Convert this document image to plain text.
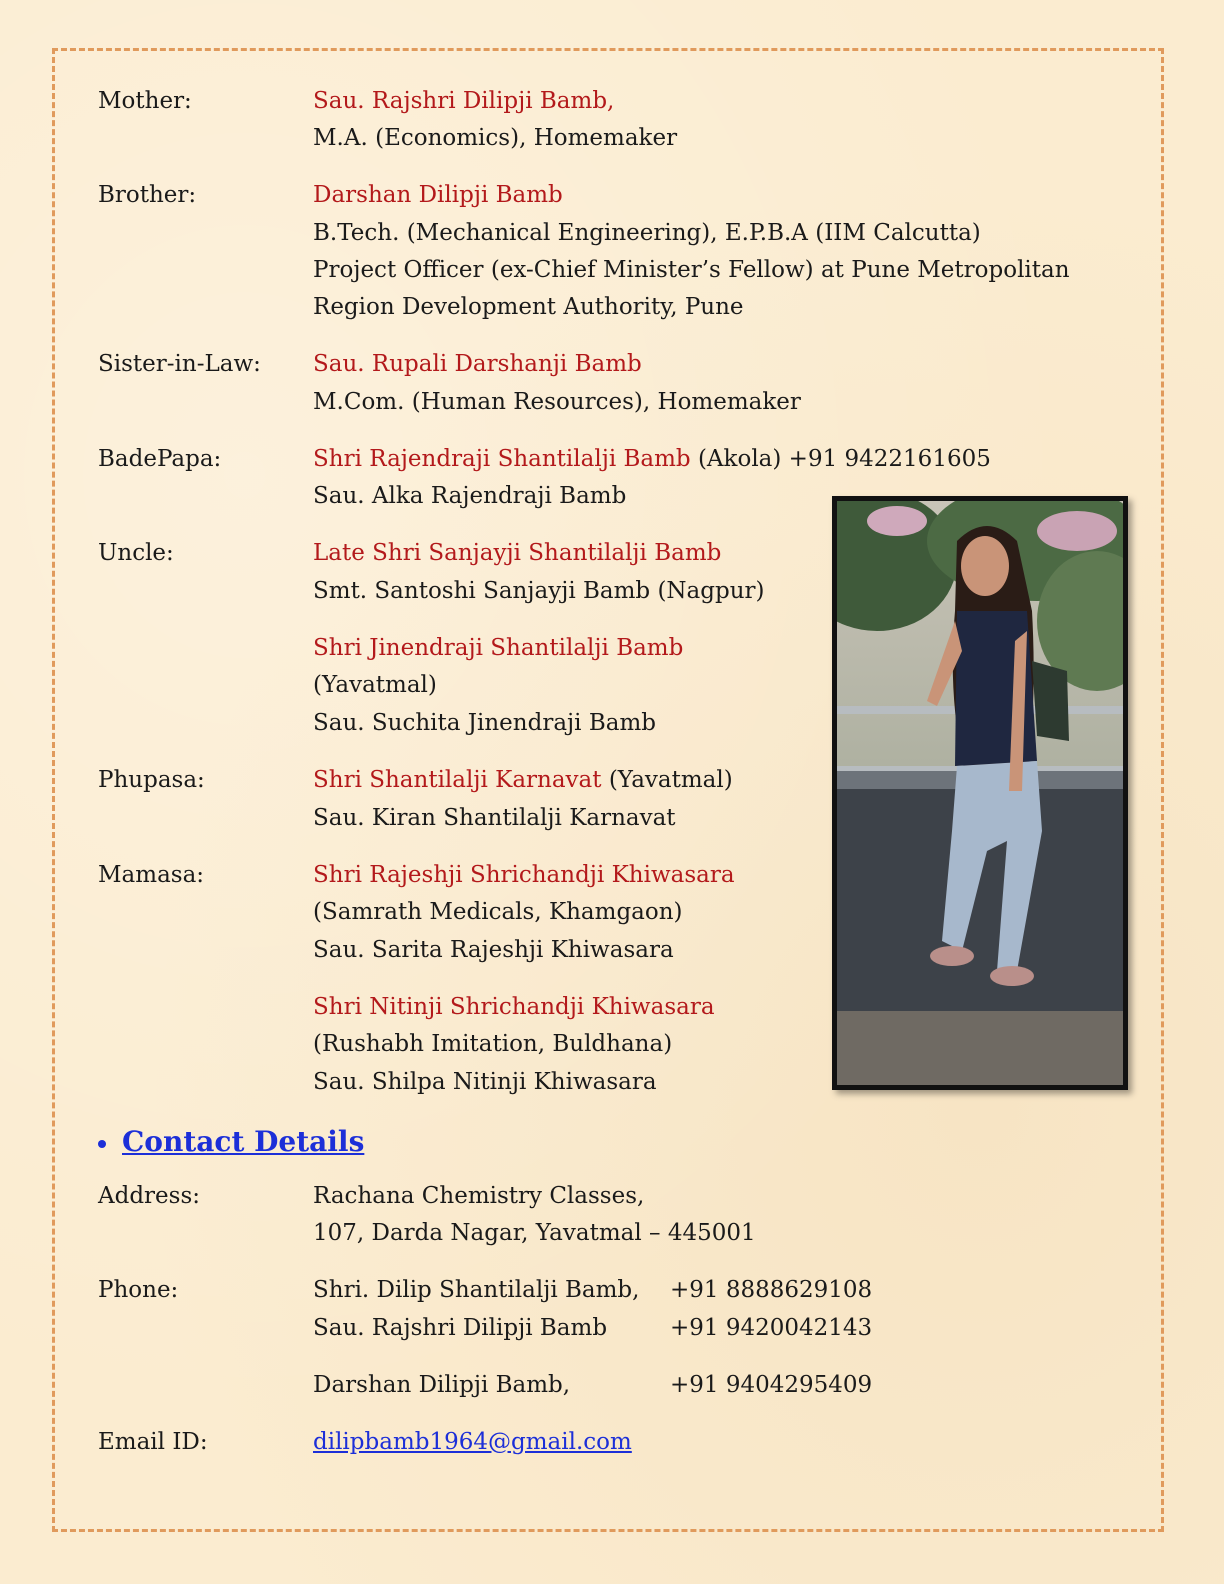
Mother:	Sau. Rajshri Dilipji Bamb,
M.A. (Economics), Homemaker
Brother:	Darshan Dilipji Bamb
B.Tech. (Mechanical Engineering), E.P.B.A (IIM Calcutta)
Project Officer (ex-Chief Minister’s Fellow) at Pune Metropolitan
Region Development Authority, Pune
Sister-in-Law: Sau. Rupali Darshanji Bamb
M.Com. (Human Resources), Homemaker
BadePapa:	Shri Rajendraji Shantilalji Bamb (Akola) +91 9422161605
Sau. Alka Rajendraji Bamb
Uncle:	Late Shri Sanjayji Shantilalji Bamb
Smt. Santoshi Sanjayji Bamb (Nagpur)
Shri Jinendraji Shantilalji Bamb
(Yavatmal)
Sau. Suchita Jinendraji Bamb
Phupasa:	Shri Shantilalji Karnavat (Yavatmal)
Sau. Kiran Shantilalji Karnavat
Mamasa:	Shri Rajeshji Shrichandji Khiwasara
(Samrath Medicals, Khamgaon)
Sau. Sarita Rajeshji Khiwasara
Shri Nitinji Shrichandji Khiwasara
(Rushabh Imitation, Buldhana)
Sau. Shilpa Nitinji Khiwasara
Contact Details
Address:	Rachana Chemistry Classes,
107, Darda Nagar, Yavatmal – 445001
Phone:	Shri. Dilip Shantilalji Bamb, +91 8888629108
Sau. Rajshri Dilipji Bamb	+91 9420042143
Darshan Dilipji Bamb,	+91 9404295409
Email ID:	dilipbamb1964@gmail.com
